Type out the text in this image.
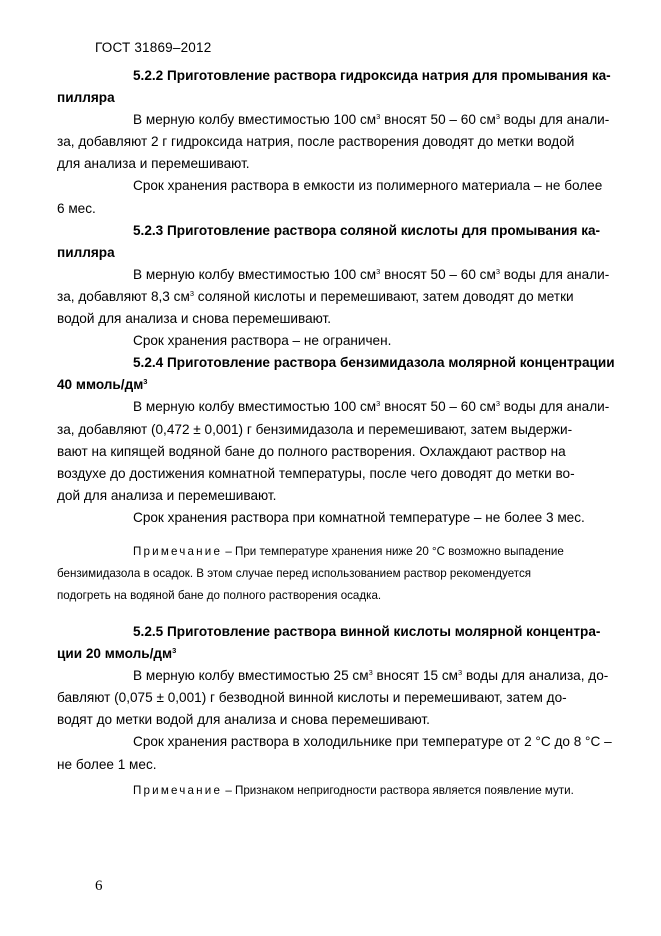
ГОСТ 31869–2012

5.2.2 Приготовление раствора гидроксида натрия для промывания ка-
пилляра

В мерную колбу вместимостью 100 $см^3$ вносят 50 – 60 $см^3$ воды для анали-
за, добавляют 2 г гидроксида натрия, после растворения доводят до метки водой
для анализа и перемешивают.

Срок хранения раствора в емкости из полимерного материала – не более
6 мес.

5.2.3 Приготовление раствора соляной кислоты для промывания ка-
пилляра

В мерную колбу вместимостью 100 $см^3$ вносят 50 – 60 $см^3$ воды для анали-
за, добавляют 8,3 $см^3$ соляной кислоты и перемешивают, затем доводят до метки
водой для анализа и снова перемешивают.

Срок хранения раствора – не ограничен.

5.2.4 Приготовление раствора бензимидазола молярной концентрации
40 ммоль/$дм^3$

В мерную колбу вместимостью 100 $см^3$ вносят 50 – 60 $см^3$ воды для анали-
за, добавляют (0,472 ± 0,001) г бензимидазола и перемешивают, затем выдержи-
вают на кипящей водяной бане до полного растворения. Охлаждают раствор на
воздухе до достижения комнатной температуры, после чего доводят до метки во-
дой для анализа и перемешивают.

Срок хранения раствора при комнатной температуре – не более 3 мес.

Примечание – При температуре хранения ниже 20 °С возможно выпадение
бензимидазола в осадок. В этом случае перед использованием раствор рекомендуется
подогреть на водяной бане до полного растворения осадка.

5.2.5 Приготовление раствора винной кислоты молярной концентра-
ции 20 ммоль/$дм^3$

В мерную колбу вместимостью 25 $см^3$ вносят 15 $см^3$ воды для анализа, до-
бавляют (0,075 ± 0,001) г безводной винной кислоты и перемешивают, затем до-
водят до метки водой для анализа и снова перемешивают.

Срок хранения раствора в холодильнике при температуре от 2 °С до 8 °С –
не более 1 мес.

Примечание – Признаком непригодности раствора является появление мути.

6
